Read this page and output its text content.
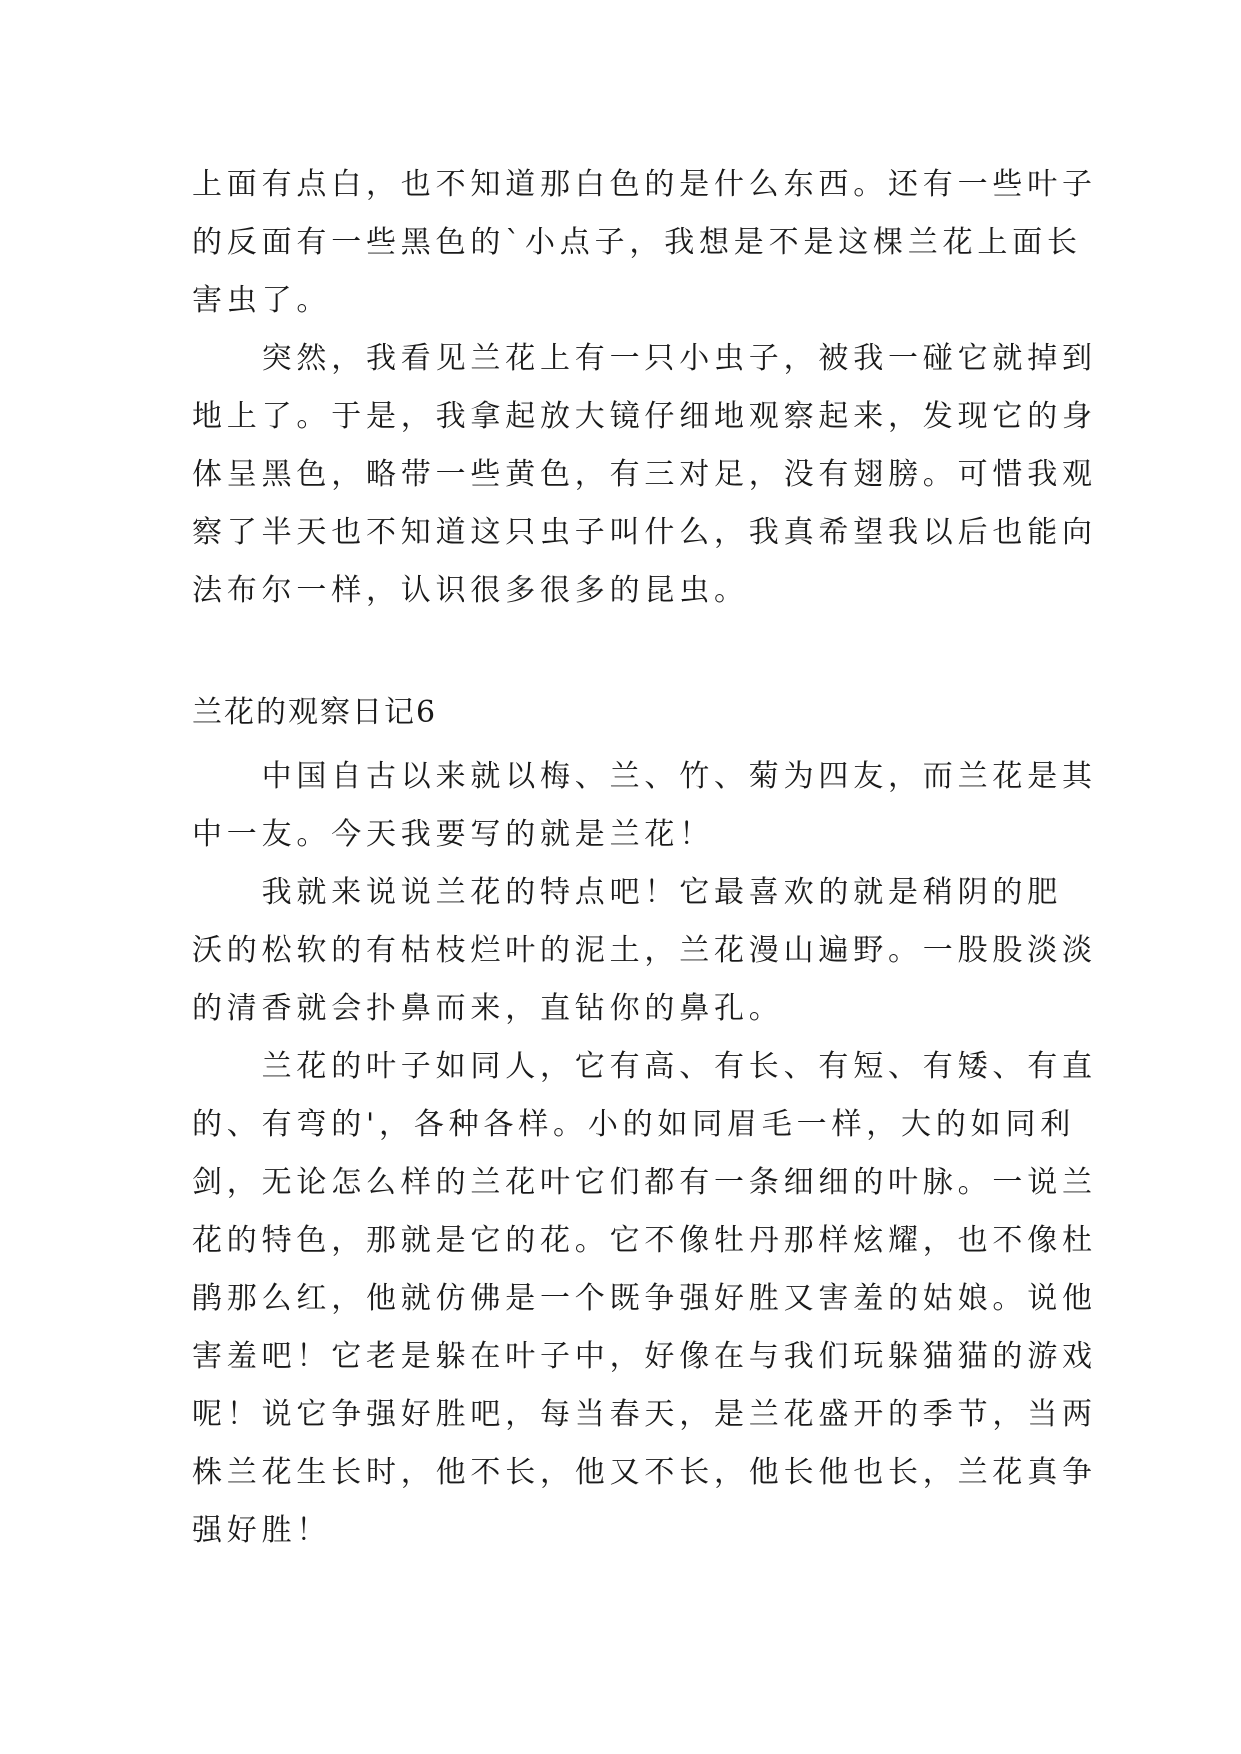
上面有点白，也不知道那白色的是什么东西。还有一些叶子
的反面有一些黑色的`小点子，我想是不是这棵兰花上面长
害虫了。
　　突然，我看见兰花上有一只小虫子，被我一碰它就掉到
地上了。于是，我拿起放大镜仔细地观察起来，发现它的身
体呈黑色，略带一些黄色，有三对足，没有翅膀。可惜我观
察了半天也不知道这只虫子叫什么，我真希望我以后也能向
法布尔一样，认识很多很多的昆虫。
兰花的观察日记6
　　中国自古以来就以梅、兰、竹、菊为四友，而兰花是其
中一友。今天我要写的就是兰花！
　　我就来说说兰花的特点吧！它最喜欢的就是稍阴的肥
沃的松软的有枯枝烂叶的泥土，兰花漫山遍野。一股股淡淡
的清香就会扑鼻而来，直钻你的鼻孔。
　　兰花的叶子如同人，它有高、有长、有短、有矮、有直
的、有弯的'，各种各样。小的如同眉毛一样，大的如同利
剑，无论怎么样的兰花叶它们都有一条细细的叶脉。一说兰
花的特色，那就是它的花。它不像牡丹那样炫耀，也不像杜
鹃那么红，他就仿佛是一个既争强好胜又害羞的姑娘。说他
害羞吧！它老是躲在叶子中，好像在与我们玩躲猫猫的游戏
呢！说它争强好胜吧，每当春天，是兰花盛开的季节，当两
株兰花生长时，他不长，他又不长，他长他也长，兰花真争
强好胜！
